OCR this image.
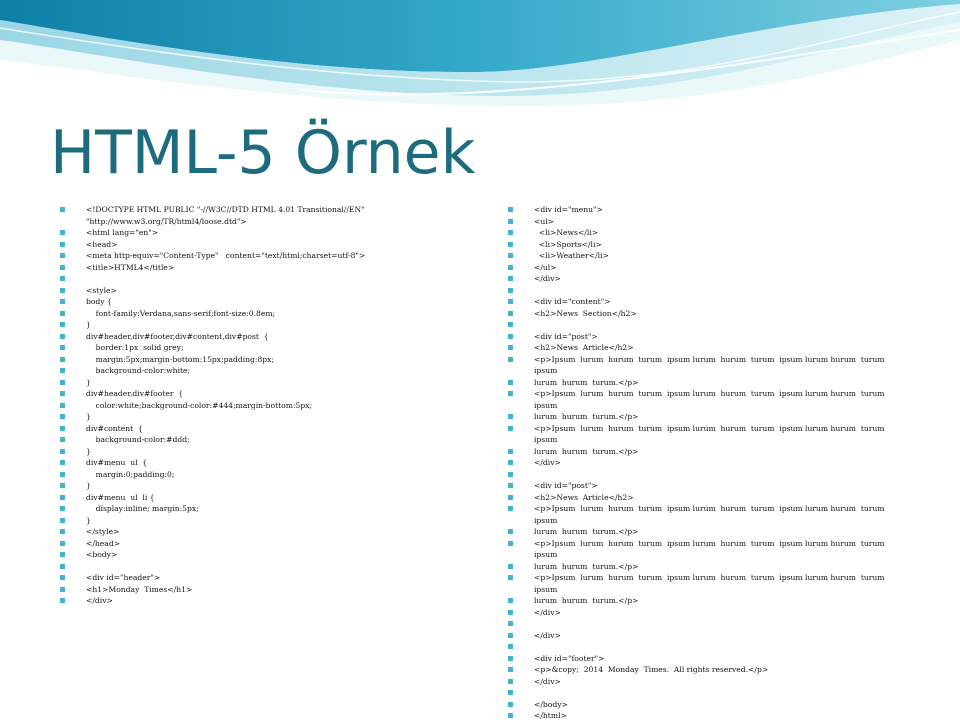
HTML-5 Örnek
<!DOCTYPE HTML PUBLIC "-//W3C//DTD HTML 4.01 Transitional//EN"
"http://www.w3.org/TR/html4/loose.dtd">
<html lang="en">
<head>
<meta http-equiv="Content-Type"   content="text/html;charset=utf-8">
<title>HTML4</title>
<style>
body {
font-family:Verdana,sans-serif;font-size:0.8em;
}
div#header,div#footer,div#content,div#post  {
border:1px  solid grey;
margin:5px;margin-bottom:15px;padding:8px;
background-color:white;
}
div#header,div#footer  {
color:white;background-color:#444;margin-bottom:5px;
}
div#content  {
background-color:#ddd;
}
div#menu  ul  {
margin:0;padding:0;
}
div#menu  ul  li {
display:inline; margin:5px;
}
</style>
</head>
<body>
<div id="header">
<h1>Monday  Times</h1>
</div>
<div id="menu">
<ul>
<li>News</li>
<li>Sports</li>
<li>Weather</li>
</ul>
</div>
<div id="content">
<h2>News  Section</h2>
<div id="post">
<h2>News  Article</h2>
<p>Ipsum  lurum  hurum  turum  ipsum lurum  hurum  turum  ipsum lurum hurum  turum
ipsum
lurum  hurum  turum.</p>
<p>Ipsum  lurum  hurum  turum  ipsum lurum  hurum  turum  ipsum lurum hurum  turum
ipsum
lurum  hurum  turum.</p>
<p>Ipsum  lurum  hurum  turum  ipsum lurum  hurum  turum  ipsum lurum hurum  turum
ipsum
lurum  hurum  turum.</p>
</div>
<div id="post">
<h2>News  Article</h2>
<p>Ipsum  lurum  hurum  turum  ipsum lurum  hurum  turum  ipsum lurum hurum  turum
ipsum
lurum  hurum  turum.</p>
<p>Ipsum  lurum  hurum  turum  ipsum lurum  hurum  turum  ipsum lurum hurum  turum
ipsum
lurum  hurum  turum.</p>
<p>Ipsum  lurum  hurum  turum  ipsum lurum  hurum  turum  ipsum lurum hurum  turum
ipsum
lurum  hurum  turum.</p>
</div>
</div>
<div id="footer">
<p>&copy;  2014  Monday  Times.  All rights reserved.</p>
</div>
</body>
</html>
